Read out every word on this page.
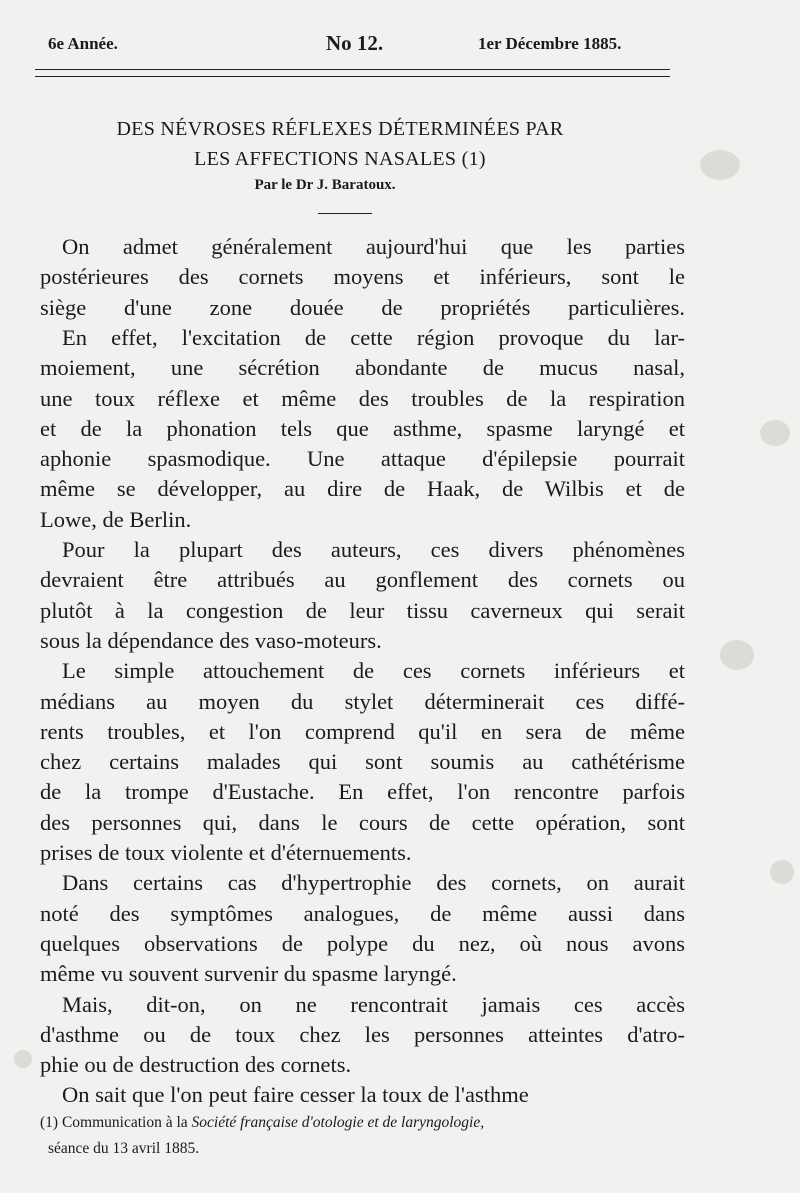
6e Année.	No 12.	1er Décembre 1885.
DES NÉVROSES RÉFLEXES DÉTERMINÉES PAR
LES AFFECTIONS NASALES (1)
Par le Dr J. Baratoux.
On admet généralement aujourd'hui que les parties
postérieures des cornets moyens et inférieurs, sont le
siège d'une zone douée de propriétés particulières.
En effet, l'excitation de cette région provoque du lar-
moiement, une sécrétion abondante de mucus nasal,
une toux réflexe et même des troubles de la respiration
et de la phonation tels que asthme, spasme laryngé et
aphonie spasmodique. Une attaque d'épilepsie pourrait
même se développer, au dire de Haak, de Wilbis et de
Lowe, de Berlin.
Pour la plupart des auteurs, ces divers phénomènes
devraient être attribués au gonflement des cornets ou
plutôt à la congestion de leur tissu caverneux qui serait
sous la dépendance des vaso-moteurs.
Le simple attouchement de ces cornets inférieurs et
médians au moyen du stylet déterminerait ces diffé-
rents troubles, et l'on comprend qu'il en sera de même
chez certains malades qui sont soumis au cathétérisme
de la trompe d'Eustache. En effet, l'on rencontre parfois
des personnes qui, dans le cours de cette opération, sont
prises de toux violente et d'éternuements.
Dans certains cas d'hypertrophie des cornets, on aurait
noté des symptômes analogues, de même aussi dans
quelques observations de polype du nez, où nous avons
même vu souvent survenir du spasme laryngé.
Mais, dit-on, on ne rencontrait jamais ces accès
d'asthme ou de toux chez les personnes atteintes d'atro-
phie ou de destruction des cornets.
On sait que l'on peut faire cesser la toux de l'asthme
(1) Communication à la Société française d'otologie et de laryngologie,
séance du 13 avril 1885.
